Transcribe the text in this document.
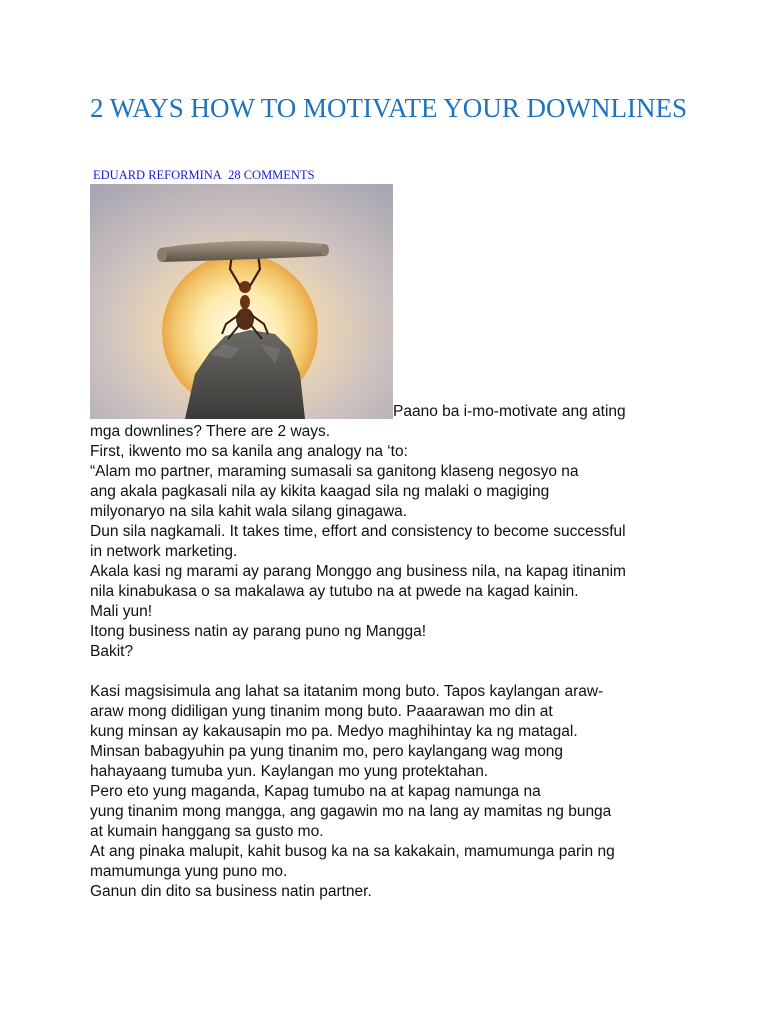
2 WAYS HOW TO MOTIVATE YOUR DOWNLINES
EDUARD REFORMINA 28 COMMENTS
Paano ba i-mo-motivate ang ating
mga downlines? There are 2 ways.
First, ikwento mo sa kanila ang analogy na ‘to:
“Alam mo partner, maraming sumasali sa ganitong klaseng negosyo na
ang akala pagkasali nila ay kikita kaagad sila ng malaki o magiging
milyonaryo na sila kahit wala silang ginagawa.
Dun sila nagkamali. It takes time, effort and consistency to become successful
in network marketing.
Akala kasi ng marami ay parang Monggo ang business nila, na kapag itinanim
nila kinabukasa o sa makalawa ay tutubo na at pwede na kagad kainin.
Mali yun!
Itong business natin ay parang puno ng Mangga!
Bakit?
Kasi magsisimula ang lahat sa itatanim mong buto. Tapos kaylangan araw-
araw mong didiligan yung tinanim mong buto. Paaarawan mo din at
kung minsan ay kakausapin mo pa. Medyo maghihintay ka ng matagal.
Minsan babagyuhin pa yung tinanim mo, pero kaylangang wag mong
hahayaang tumuba yun. Kaylangan mo yung protektahan.
Pero eto yung maganda, Kapag tumubo na at kapag namunga na
yung tinanim mong mangga, ang gagawin mo na lang ay mamitas ng bunga
at kumain hanggang sa gusto mo.
At ang pinaka malupit, kahit busog ka na sa kakakain, mamumunga parin ng
mamumunga yung puno mo.
Ganun din dito sa business natin partner.
